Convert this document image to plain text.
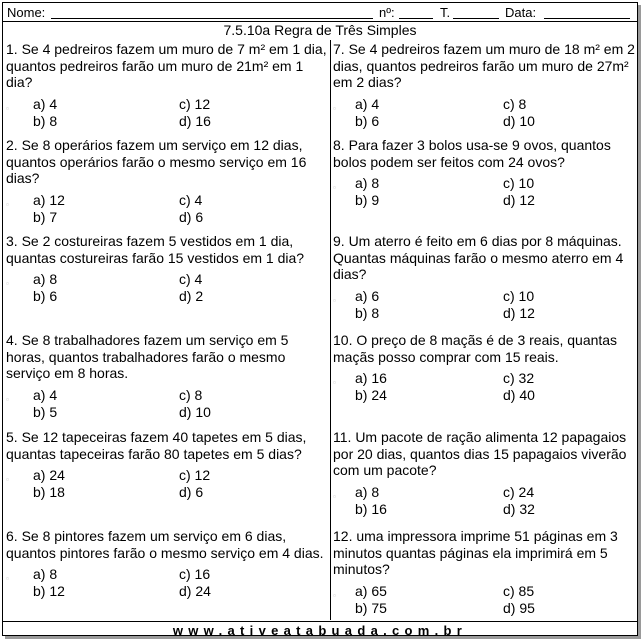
Nome:	nº:	T.	Data:
7.5.10a Regra de Três Simples

1. Se 4 pedreiros fazem um muro de 7 m² em 1 dia, quantos pedreiros farão um muro de 21m² em 1 dia?

▫ a) 4
b) 8
c) 12
d) 16

2. Se 8 operários fazem um serviço em 12 dias, quantos operários farão o mesmo serviço em 16 dias?

▫ a) 12
b) 7
c) 4
d) 6

3. Se 2 costureiras fazem 5 vestidos em 1 dia, quantas costureiras farão 15 vestidos em 1 dia?

▫ a) 8
b) 6
c) 4
d) 2

4. Se 8 trabalhadores fazem um serviço em 5 horas, quantos trabalhadores farão o mesmo serviço em 8 horas.

▫ a) 4
b) 5
c) 8
d) 10

5. Se 12 tapeceiras fazem 40 tapetes em 5 dias, quantas tapeceiras farão 80 tapetes em 5 dias?

▫ a) 24
b) 18
c) 12
d) 6

6. Se 8 pintores fazem um serviço em 6 dias, quantos pintores farão o mesmo serviço em 4 dias.

▫ a) 8
b) 12
c) 16
d) 24

7. Se 4 pedreiros fazem um muro de 18 m² em 2 dias, quantos pedreiros farão um muro de 27m² em 2 dias?

▫ a) 4
b) 6
c) 8
d) 10

8. Para fazer 3 bolos usa-se 9 ovos, quantos bolos podem ser feitos com 24 ovos?

▫ a) 8
b) 9
c) 10
d) 12

9. Um aterro é feito em 6 dias por 8 máquinas. Quantas máquinas farão o mesmo aterro em 4 dias?

▫ a) 6
b) 8
c) 10
d) 12

10. O preço de 8 maçãs é de 3 reais, quantas maçãs posso comprar com 15 reais.

▫ a) 16
b) 24
c) 32
d) 40

11. Um pacote de ração alimenta 12 papagaios por 20 dias, quantos dias 15 papagaios viverão com um pacote?

▫ a) 8
b) 16
c) 24
d) 32

12. uma impressora imprime 51 páginas em 3 minutos quantas páginas ela imprimirá em 5 minutos?

▫ a) 65
b) 75
c) 85
d) 95
www.ativeatabuada.com.br
